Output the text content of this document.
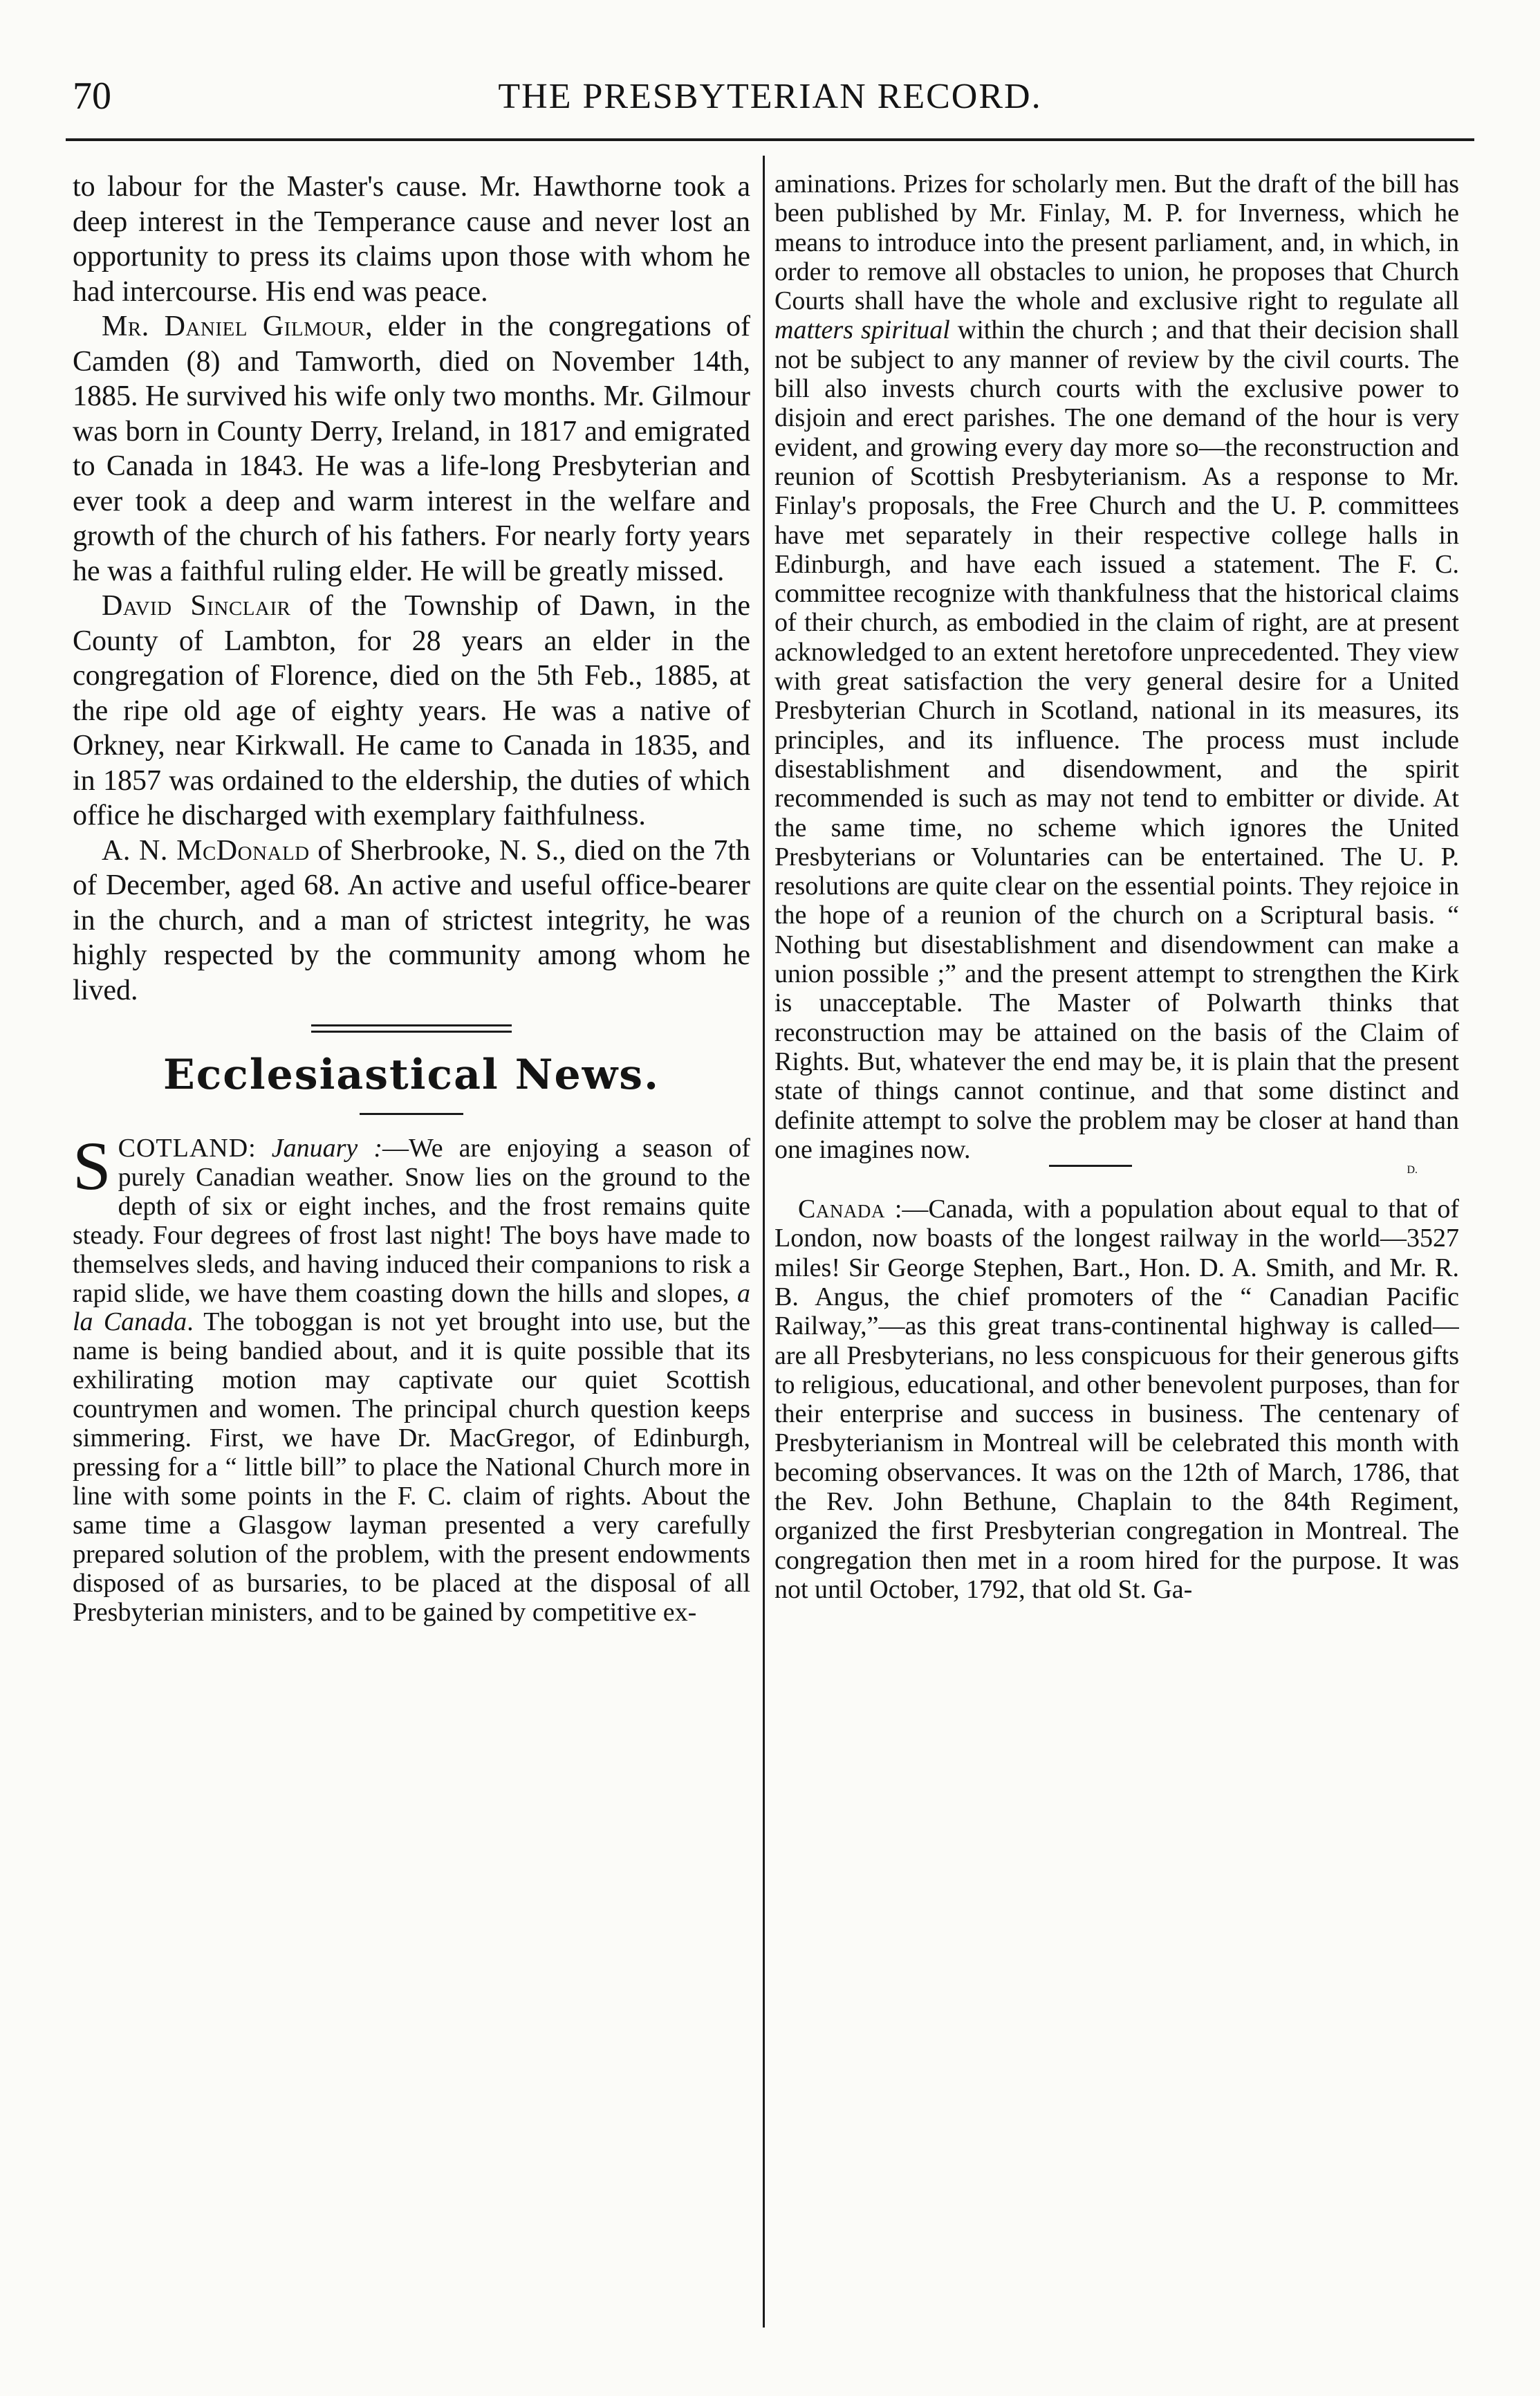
70	THE PRESBYTERIAN RECORD.

to labour for the Master's cause. Mr. Hawthorne took a deep interest in the Temperance cause and never lost an opportunity to press its claims upon those with whom he had intercourse. His end was peace.

Mr. Daniel Gilmour, elder in the congregations of Camden (8) and Tamworth, died on November 14th, 1885. He survived his wife only two months. Mr. Gilmour was born in County Derry, Ireland, in 1817 and emigrated to Canada in 1843. He was a life-long Presbyterian and ever took a deep and warm interest in the welfare and growth of the church of his fathers. For nearly forty years he was a faithful ruling elder. He will be greatly missed.

David Sinclair of the Township of Dawn, in the County of Lambton, for 28 years an elder in the congregation of Florence, died on the 5th Feb., 1885, at the ripe old age of eighty years. He was a native of Orkney, near Kirkwall. He came to Canada in 1835, and in 1857 was ordained to the eldership, the duties of which office he discharged with exemplary faithfulness.

A. N. McDonald of Sherbrooke, N. S., died on the 7th of December, aged 68. An active and useful office-bearer in the church, and a man of strictest integrity, he was highly respected by the community among whom he lived.

Ecclesiastical News.

SCOTLAND: January :—We are enjoying a season of purely Canadian weather. Snow lies on the ground to the depth of six or eight inches, and the frost remains quite steady. Four degrees of frost last night! The boys have made to themselves sleds, and having induced their companions to risk a rapid slide, we have them coasting down the hills and slopes, a la Canada. The toboggan is not yet brought into use, but the name is being bandied about, and it is quite possible that its exhilirating motion may captivate our quiet Scottish countrymen and women. The principal church question keeps simmering. First, we have Dr. MacGregor, of Edinburgh, pressing for a “ little bill” to place the National Church more in line with some points in the F. C. claim of rights. About the same time a Glasgow layman presented a very carefully prepared solution of the problem, with the present endowments disposed of as bursaries, to be placed at the disposal of all Presbyterian ministers, and to be gained by competitive ex-

aminations. Prizes for scholarly men. But the draft of the bill has been published by Mr. Finlay, M. P. for Inverness, which he means to introduce into the present parliament, and, in which, in order to remove all obstacles to union, he proposes that Church Courts shall have the whole and exclusive right to regulate all matters spiritual within the church ; and that their decision shall not be subject to any manner of review by the civil courts. The bill also invests church courts with the exclusive power to disjoin and erect parishes. The one demand of the hour is very evident, and growing every day more so—the reconstruction and reunion of Scottish Presbyterianism. As a response to Mr. Finlay's proposals, the Free Church and the U. P. committees have met separately in their respective college halls in Edinburgh, and have each issued a statement. The F. C. committee recognize with thankfulness that the historical claims of their church, as embodied in the claim of right, are at present acknowledged to an extent heretofore unprecedented. They view with great satisfaction the very general desire for a United Presbyterian Church in Scotland, national in its measures, its principles, and its influence. The process must include disestablishment and disendowment, and the spirit recommended is such as may not tend to embitter or divide. At the same time, no scheme which ignores the United Presbyterians or Voluntaries can be entertained. The U. P. resolutions are quite clear on the essential points. They rejoice in the hope of a reunion of the church on a Scriptural basis. “ Nothing but disestablishment and disendowment can make a union possible ;” and the present attempt to strengthen the Kirk is unacceptable. The Master of Polwarth thinks that reconstruction may be attained on the basis of the Claim of Rights. But, whatever the end may be, it is plain that the present state of things cannot continue, and that some distinct and definite attempt to solve the problem may be closer at hand than one imagines now.

D.

Canada :—Canada, with a population about equal to that of London, now boasts of the longest railway in the world—3527 miles! Sir George Stephen, Bart., Hon. D. A. Smith, and Mr. R. B. Angus, the chief promoters of the “ Canadian Pacific Railway,”—as this great trans-continental highway is called—are all Presbyterians, no less conspicuous for their generous gifts to religious, educational, and other benevolent purposes, than for their enterprise and success in business. The centenary of Presbyterianism in Montreal will be celebrated this month with becoming observances. It was on the 12th of March, 1786, that the Rev. John Bethune, Chaplain to the 84th Regiment, organized the first Presbyterian congregation in Montreal. The congregation then met in a room hired for the purpose. It was not until October, 1792, that old St. Ga-
